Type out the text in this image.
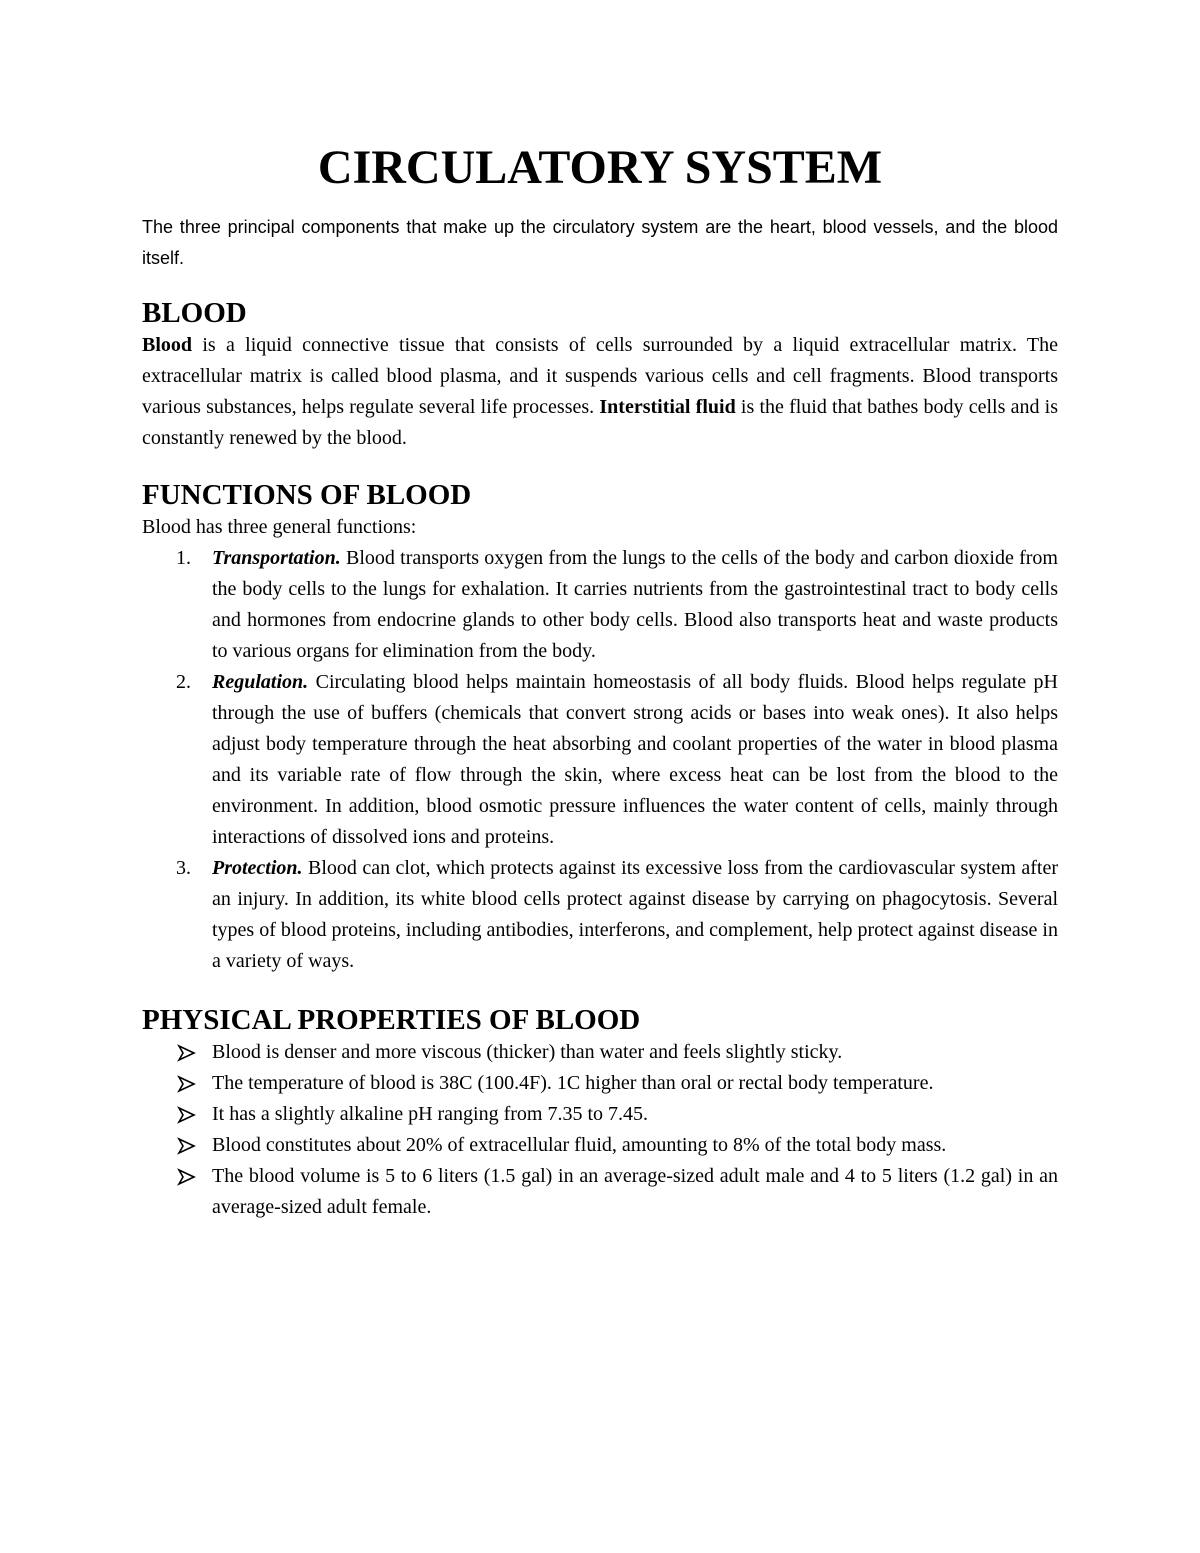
CIRCULATORY SYSTEM

The three principal components that make up the circulatory system are the heart, blood vessels, and the blood itself.

BLOOD

Blood is a liquid connective tissue that consists of cells surrounded by a liquid extracellular matrix. The extracellular matrix is called blood plasma, and it suspends various cells and cell fragments. Blood transports various substances, helps regulate several life processes. Interstitial fluid is the fluid that bathes body cells and is constantly renewed by the blood.

FUNCTIONS OF BLOOD

Blood has three general functions:

1. Transportation. Blood transports oxygen from the lungs to the cells of the body and carbon dioxide from the body cells to the lungs for exhalation. It carries nutrients from the gastrointestinal tract to body cells and hormones from endocrine glands to other body cells. Blood also transports heat and waste products to various organs for elimination from the body.
2. Regulation. Circulating blood helps maintain homeostasis of all body fluids. Blood helps regulate pH through the use of buffers (chemicals that convert strong acids or bases into weak ones). It also helps adjust body temperature through the heat absorbing and coolant properties of the water in blood plasma and its variable rate of flow through the skin, where excess heat can be lost from the blood to the environment. In addition, blood osmotic pressure influences the water content of cells, mainly through interactions of dissolved ions and proteins.
3. Protection. Blood can clot, which protects against its excessive loss from the cardiovascular system after an injury. In addition, its white blood cells protect against disease by carrying on phagocytosis. Several types of blood proteins, including antibodies, interferons, and complement, help protect against disease in a variety of ways.
PHYSICAL PROPERTIES OF BLOOD
Blood is denser and more viscous (thicker) than water and feels slightly sticky.
The temperature of blood is 38C (100.4F). 1C higher than oral or rectal body temperature.
It has a slightly alkaline pH ranging from 7.35 to 7.45.
Blood constitutes about 20% of extracellular fluid, amounting to 8% of the total body mass.
The blood volume is 5 to 6 liters (1.5 gal) in an average-sized adult male and 4 to 5 liters (1.2 gal) in an average-sized adult female.
